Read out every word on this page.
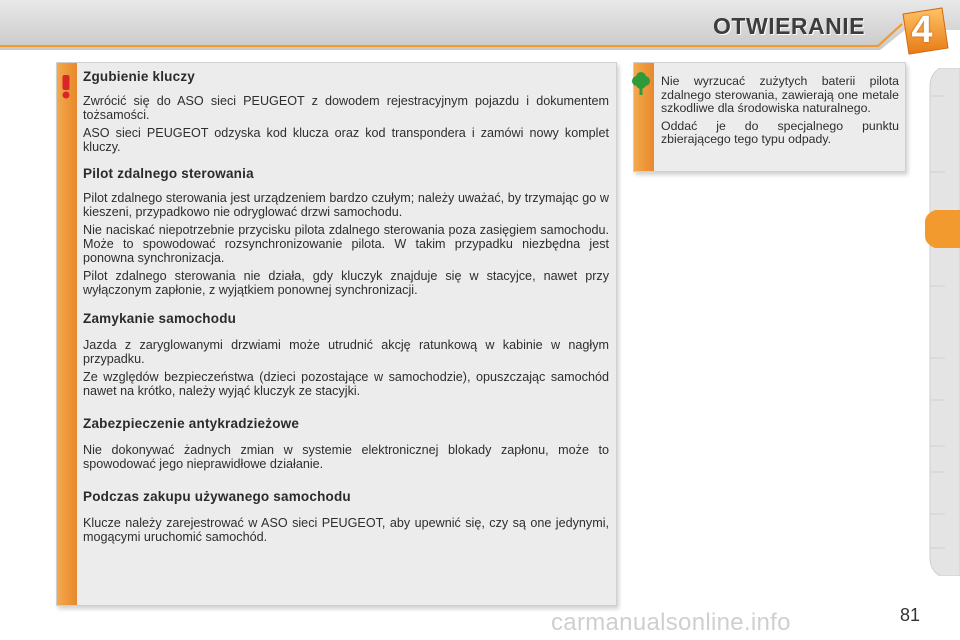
OTWIERANIE 4
Zgubienie kluczy

Zwrócić się do ASO sieci PEUGEOT z dowodem rejestracyjnym pojazdu i dokumentem tożsamości.

ASO sieci PEUGEOT odzyska kod klucza oraz kod transpondera i zamówi nowy komplet kluczy.

Pilot zdalnego sterowania

Pilot zdalnego sterowania jest urządzeniem bardzo czułym; należy uważać, by trzymając go w kieszeni, przypadkowo nie odryglować drzwi samochodu.

Nie naciskać niepotrzebnie przycisku pilota zdalnego sterowania poza zasięgiem samochodu. Może to spowodować rozsynchronizowanie pilota. W takim przypadku niezbędna jest ponowna synchronizacja.

Pilot zdalnego sterowania nie działa, gdy kluczyk znajduje się w stacyjce, nawet przy wyłączonym zapłonie, z wyjątkiem ponownej synchronizacji.

Zamykanie samochodu

Jazda z zaryglowanymi drzwiami może utrudnić akcję ratunkową w kabinie w nagłym przypadku.

Ze względów bezpieczeństwa (dzieci pozostające w samochodzie), opuszczając samochód nawet na krótko, należy wyjąć kluczyk ze stacyjki.

Zabezpieczenie antykradzieżowe

Nie dokonywać żadnych zmian w systemie elektronicznej blokady zapłonu, może to spowodować jego nieprawidłowe działanie.

Podczas zakupu używanego samochodu

Klucze należy zarejestrować w ASO sieci PEUGEOT, aby upewnić się, czy są one jedynymi, mogącymi uruchomić samochód.

Nie wyrzucać zużytych baterii pilota zdalnego sterowania, zawierają one metale szkodliwe dla środowiska naturalnego.

Oddać je do specjalnego punktu zbierającego tego typu odpady.

81
carmanualsonline.info
